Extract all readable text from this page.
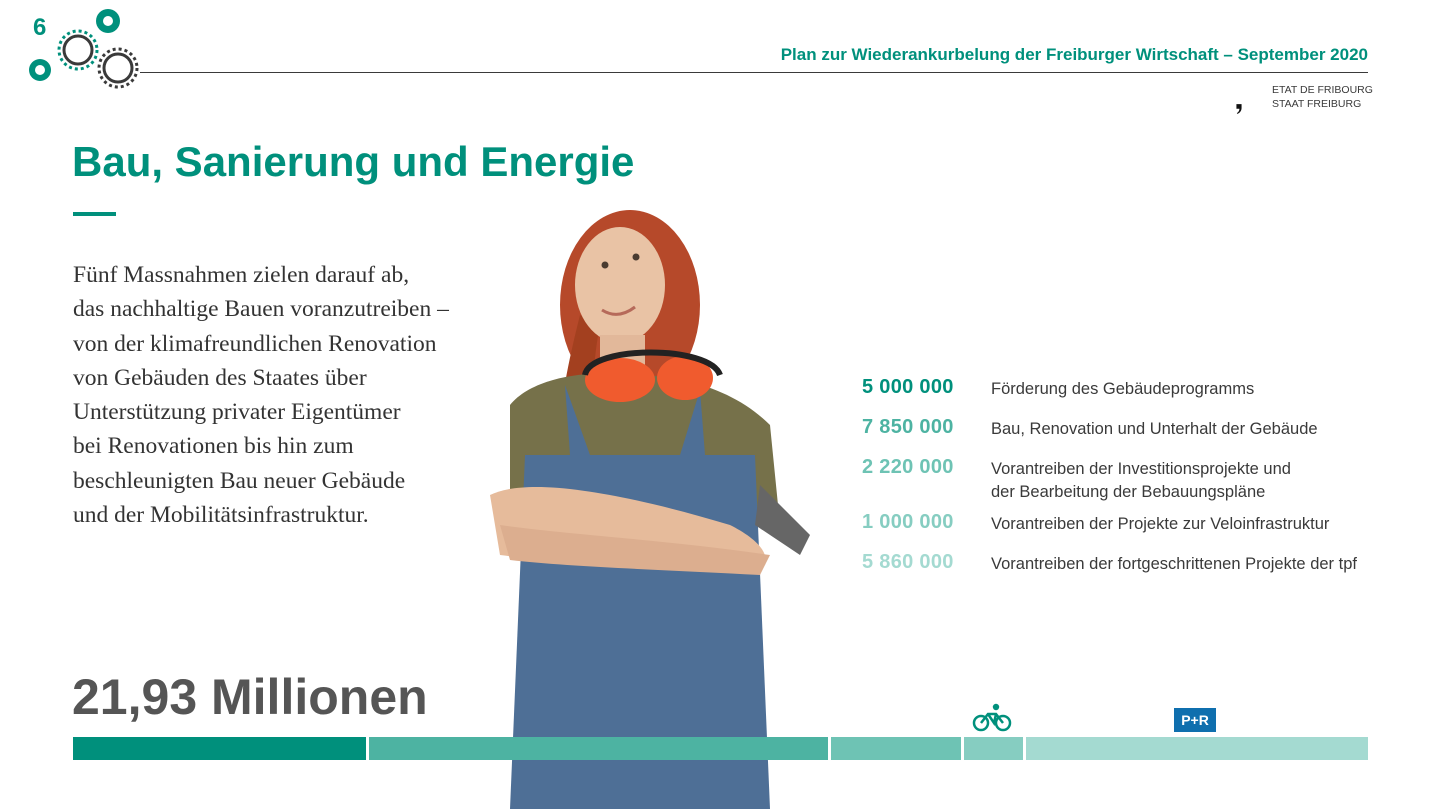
6
Plan zur Wiederankurbelung der Freiburger Wirtschaft – September 2020
ETAT DE FRIBOURG
STAAT FREIBURG
Bau, Sanierung und Energie
Fünf Massnahmen zielen darauf ab,
das nachhaltige Bauen voranzutreiben –
von der klimafreundlichen Renovation
von Gebäuden des Staates über
Unterstützung privater Eigentümer
bei Renovationen bis hin zum
beschleunigten Bau neuer Gebäude
und der Mobilitätsinfrastruktur.
5 000 000 Förderung des Gebäudeprogramms
7 850 000 Bau, Renovation und Unterhalt der Gebäude
2 220 000 Vorantreiben der Investitionsprojekte und
der Bearbeitung der Bebauungspläne
1 000 000 Vorantreiben der Projekte zur Veloinfrastruktur
5 860 000 Vorantreiben der fortgeschrittenen Projekte der tpf
21,93 Millionen	P+R
